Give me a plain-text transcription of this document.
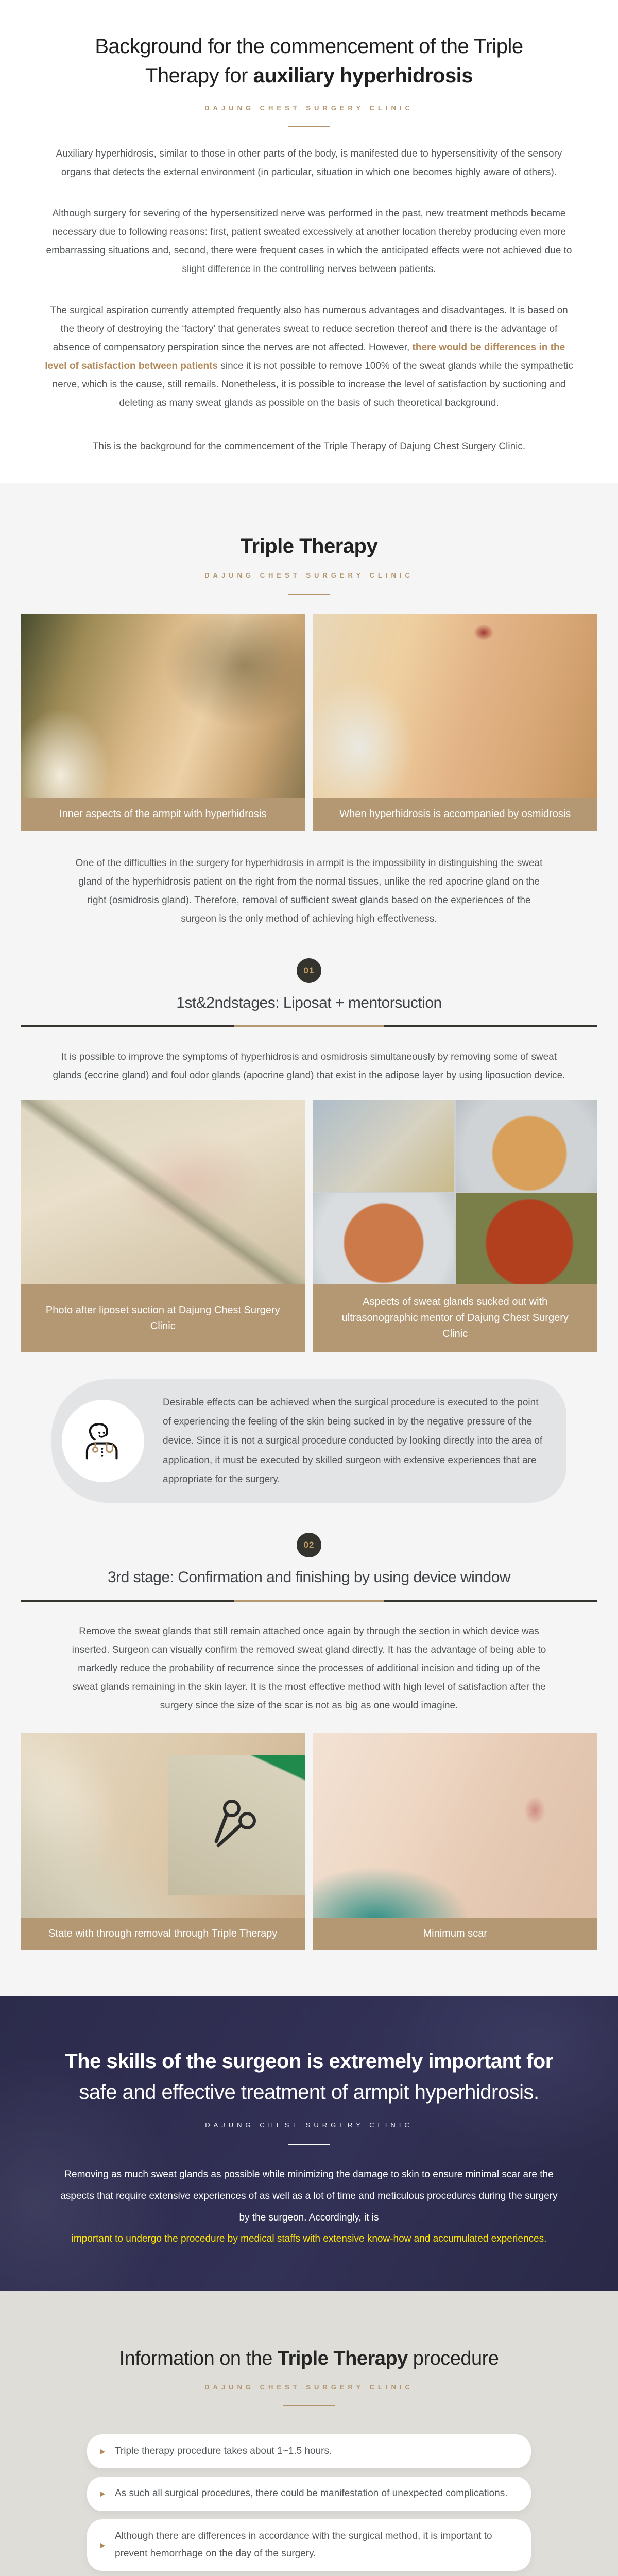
Background for the commencement of the Triple
Therapy for auxiliary hyperhidrosis
DAJUNG CHEST SURGERY CLINIC

Auxiliary hyperhidrosis, similar to those in other parts of the body, is manifested due to hypersensitivity of the sensory organs that detects the external environment (in particular, situation in which one becomes highly aware of others).

Although surgery for severing of the hypersensitized nerve was performed in the past, new treatment methods became necessary due to following reasons: first, patient sweated excessively at another location thereby producing even more embarrassing situations and, second, there were frequent cases in which the anticipated effects were not achieved due to slight difference in the controlling nerves between patients.

The surgical aspiration currently attempted frequently also has numerous advantages and disadvantages. It is based on the theory of destroying the ‘factory’ that generates sweat to reduce secretion thereof and there is the advantage of absence of compensatory perspiration since the nerves are not affected. However, there would be differences in the level of satisfaction between patients since it is not possible to remove 100% of the sweat glands while the sympathetic nerve, which is the cause, still remails. Nonetheless, it is possible to increase the level of satisfaction by suctioning and deleting as many sweat glands as possible on the basis of such theoretical background.

This is the background for the commencement of the Triple Therapy of Dajung Chest Surgery Clinic.

Triple Therapy
DAJUNG CHEST SURGERY CLINIC
Inner aspects of the armpit with hyperhidrosis	When hyperhidrosis is accompanied by osmidrosis

One of the difficulties in the surgery for hyperhidrosis in armpit is the impossibility in distinguishing the sweat gland of the hyperhidrosis patient on the right from the normal tissues, unlike the red apocrine gland on the right (osmidrosis gland). Therefore, removal of sufficient sweat glands based on the experiences of the surgeon is the only method of achieving high effectiveness.

01
1st&2ndstages: Liposat + mentorsuction

It is possible to improve the symptoms of hyperhidrosis and osmidrosis simultaneously by removing some of sweat glands (eccrine gland) and foul odor glands (apocrine gland) that exist in the adipose layer by using liposuction device.

Photo after liposet suction at Dajung Chest Surgery Clinic
Aspects of sweat glands sucked out with ultrasonographic mentor of Dajung Chest Surgery Clinic

Desirable effects can be achieved when the surgical procedure is executed to the point of experiencing the feeling of the skin being sucked in by the negative pressure of the device. Since it is not a surgical procedure conducted by looking directly into the area of application, it must be executed by skilled surgeon with extensive experiences that are appropriate for the surgery.

02
3rd stage: Confirmation and finishing by using device window

Remove the sweat glands that still remain attached once again by through the section in which device was inserted. Surgeon can visually confirm the removed sweat gland directly. It has the advantage of being able to markedly reduce the probability of recurrence since the processes of additional incision and tiding up of the sweat glands remaining in the skin layer. It is the most effective method with high level of satisfaction after the surgery since the size of the scar is not as big as one would imagine.

State with through removal through Triple Therapy	Minimum scar
The skills of the surgeon is extremely important for
safe and effective treatment of armpit hyperhidrosis.
DAJUNG CHEST SURGERY CLINIC

Removing as much sweat glands as possible while minimizing the damage to skin to ensure minimal scar are the aspects that require extensive experiences of as well as a lot of time and meticulous procedures during the surgery by the surgeon. Accordingly, it is
important to undergo the procedure by medical staffs with extensive know-how and accumulated experiences.

Information on the Triple Therapy procedure
DAJUNG CHEST SURGERY CLINIC
Triple therapy procedure takes about 1~1.5 hours.
As such all surgical procedures, there could be manifestation of unexpected complications.
Although there are differences in accordance with the surgical method, it is important to prevent hemorrhage on the day of the surgery.
